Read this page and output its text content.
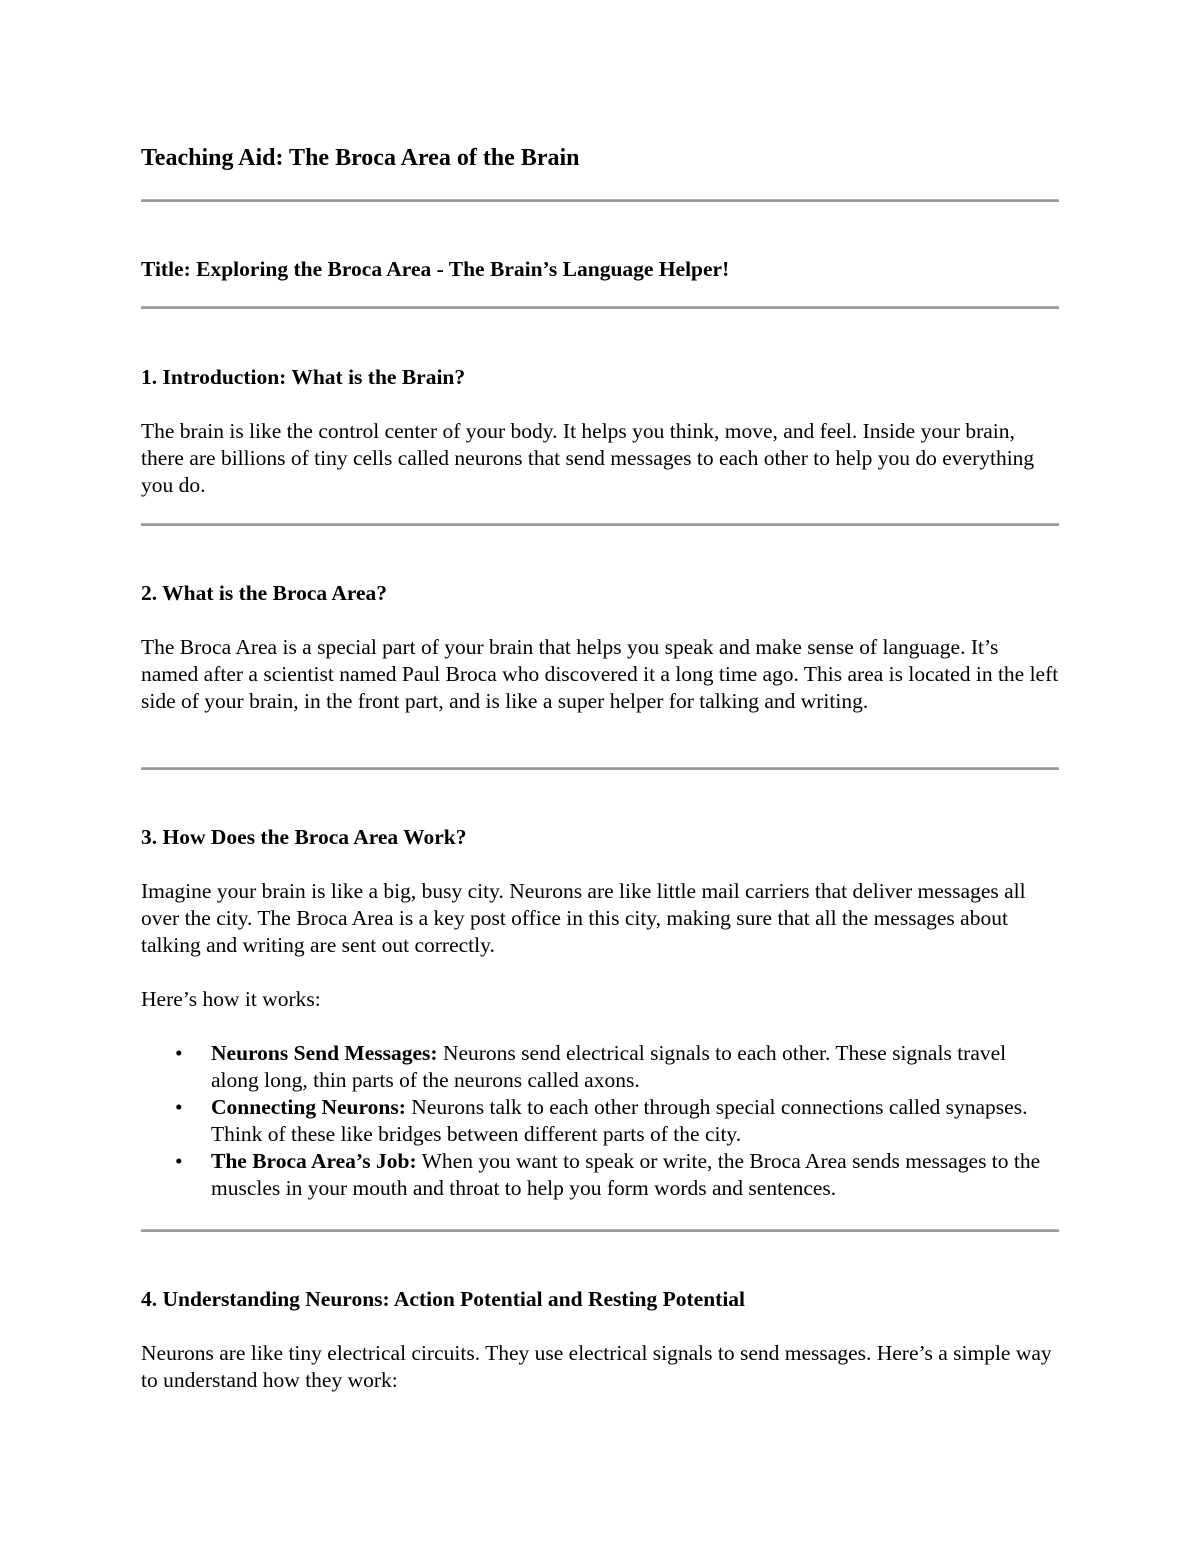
Teaching Aid: The Broca Area of the Brain
Title: Exploring the Broca Area - The Brain’s Language Helper!
1. Introduction: What is the Brain?

The brain is like the control center of your body. It helps you think, move, and feel. Inside your brain, there are billions of tiny cells called neurons that send messages to each other to help you do everything you do.

2. What is the Broca Area?

The Broca Area is a special part of your brain that helps you speak and make sense of language. It’s named after a scientist named Paul Broca who discovered it a long time ago. This area is located in the left side of your brain, in the front part, and is like a super helper for talking and writing.

3. How Does the Broca Area Work?

Imagine your brain is like a big, busy city. Neurons are like little mail carriers that deliver messages all over the city. The Broca Area is a key post office in this city, making sure that all the messages about talking and writing are sent out correctly.

Here’s how it works:

• Neurons Send Messages: Neurons send electrical signals to each other. These signals travel along long, thin parts of the neurons called axons.
• Connecting Neurons: Neurons talk to each other through special connections called synapses. Think of these like bridges between different parts of the city.
• The Broca Area’s Job: When you want to speak or write, the Broca Area sends messages to the muscles in your mouth and throat to help you form words and sentences.
4. Understanding Neurons: Action Potential and Resting Potential

Neurons are like tiny electrical circuits. They use electrical signals to send messages. Here’s a simple way to understand how they work:
